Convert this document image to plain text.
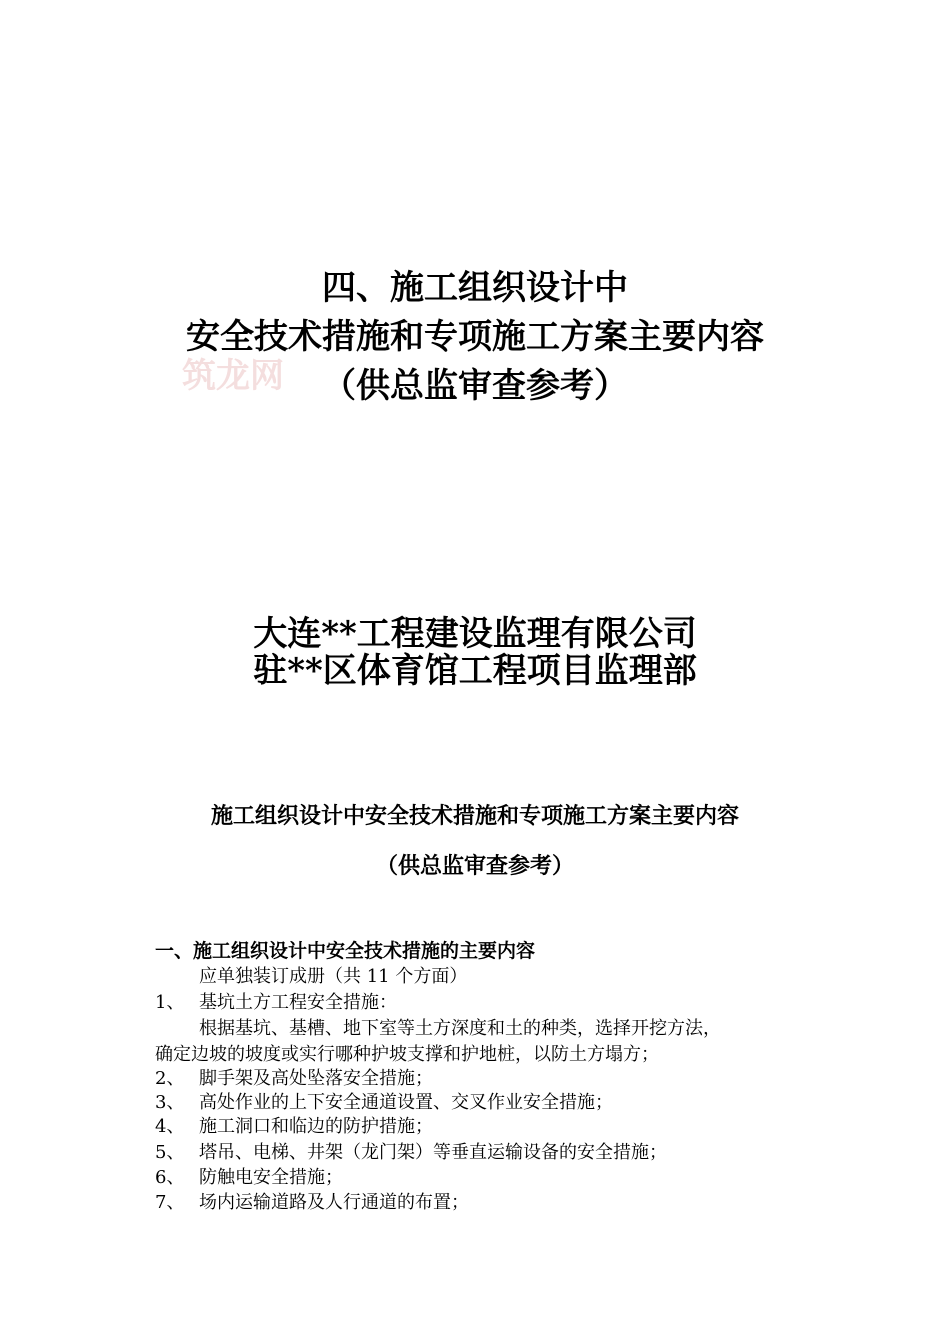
四、施工组织设计中
安全技术措施和专项施工方案主要内容
筑龙网	（供总监审查参考）
大连**工程建设监理有限公司
驻**区体育馆工程项目监理部
施工组织设计中安全技术措施和专项施工方案主要内容
（供总监审查参考）
一、施工组织设计中安全技术措施的主要内容
应单独装订成册（共 11 个方面）
1、 基坑土方工程安全措施：
根据基坑、基槽、地下室等土方深度和土的种类，选择开挖方法，
确定边坡的坡度或实行哪种护坡支撑和护地桩，以防土方塌方；
2、 脚手架及高处坠落安全措施；
3、 高处作业的上下安全通道设置、交叉作业安全措施；
4、 施工洞口和临边的防护措施；
5、 塔吊、电梯、井架（龙门架）等垂直运输设备的安全措施；
6、 防触电安全措施；
7、 场内运输道路及人行通道的布置；
